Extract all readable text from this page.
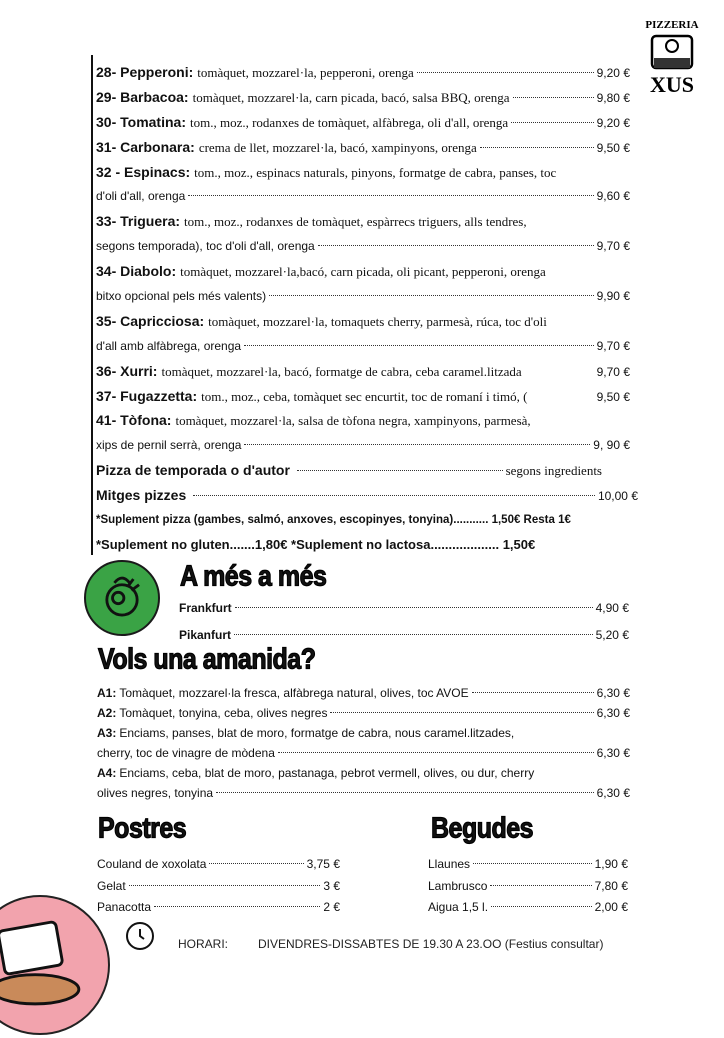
PIZZERIA
XUS
28- Pepperoni: tomàquet, mozzarel·la, pepperoni, orenga	9,20 €
29- Barbacoa: tomàquet, mozzarel·la, carn picada, bacó, salsa BBQ, orenga	9,80 €
30- Tomatina: tom., moz., rodanxes de tomàquet, alfàbrega, oli d'all, orenga	9,20 €
31- Carbonara: crema de llet, mozzarel·la, bacó, xampinyons, orenga	9,50 €
32 - Espinacs: tom., moz., espinacs naturals, pinyons, formatge de cabra, panses, toc
d'oli d'all, orenga	9,60 €
33- Triguera: tom., moz., rodanxes de tomàquet, espàrrecs triguers, alls tendres,
segons temporada), toc d'oli d'all, orenga	9,70 €
34- Diabolo: tomàquet, mozzarel·la,bacó, carn picada, oli picant, pepperoni, orenga
bitxo opcional pels més valents)	9,90 €
35- Capricciosa: tomàquet, mozzarel·la, tomaquets cherry, parmesà, rúca, toc d'oli
d'all amb alfàbrega, orenga	9,70 €
36- Xurri: tomàquet, mozzarel·la, bacó, formatge de cabra, ceba caramel.litzada	9,70 €
37- Fugazzetta: tom., moz., ceba, tomàquet sec encurtit, toc de romaní i timó, (	9,50 €
41- Tòfona: tomàquet, mozzarel·la, salsa de tòfona negra, xampinyons, parmesà,
xips de pernil serrà, orenga	9, 90 €
Pizza de temporada o d'autor	segons ingredients
Mitges pizzes	10,00 €
*Suplement pizza (gambes, salmó, anxoves, escopinyes, tonyina)........... 1,50€ Resta 1€
*Suplement no gluten.......1,80€ *Suplement no lactosa................... 1,50€
A més a més
Vols una amanida?
Postres	Begudes
HORARI: DIVENDRES-DISSABTES DE 19.30 A 23.OO (Festius consultar)
Frankfurt	4,90 €
Pikanfurt	5,20 €
A1: Tomàquet, mozzarel·la fresca, alfàbrega natural, olives, toc AVOE	6,30 €
A2: Tomàquet, tonyina, ceba, olives negres	6,30 €
A3: Enciams, panses, blat de moro, formatge de cabra, nous caramel.litzades,
cherry, toc de vinagre de mòdena	6,30 €
A4: Enciams, ceba, blat de moro, pastanaga, pebrot vermell, olives, ou dur, cherry
olives negres, tonyina	6,30 €
Couland de xoxolata	3,75 €
Gelat	3 €
Panacotta	2 €
Llaunes	1,90 €
Lambrusco	7,80 €
Aigua 1,5 l.	2,00 €
